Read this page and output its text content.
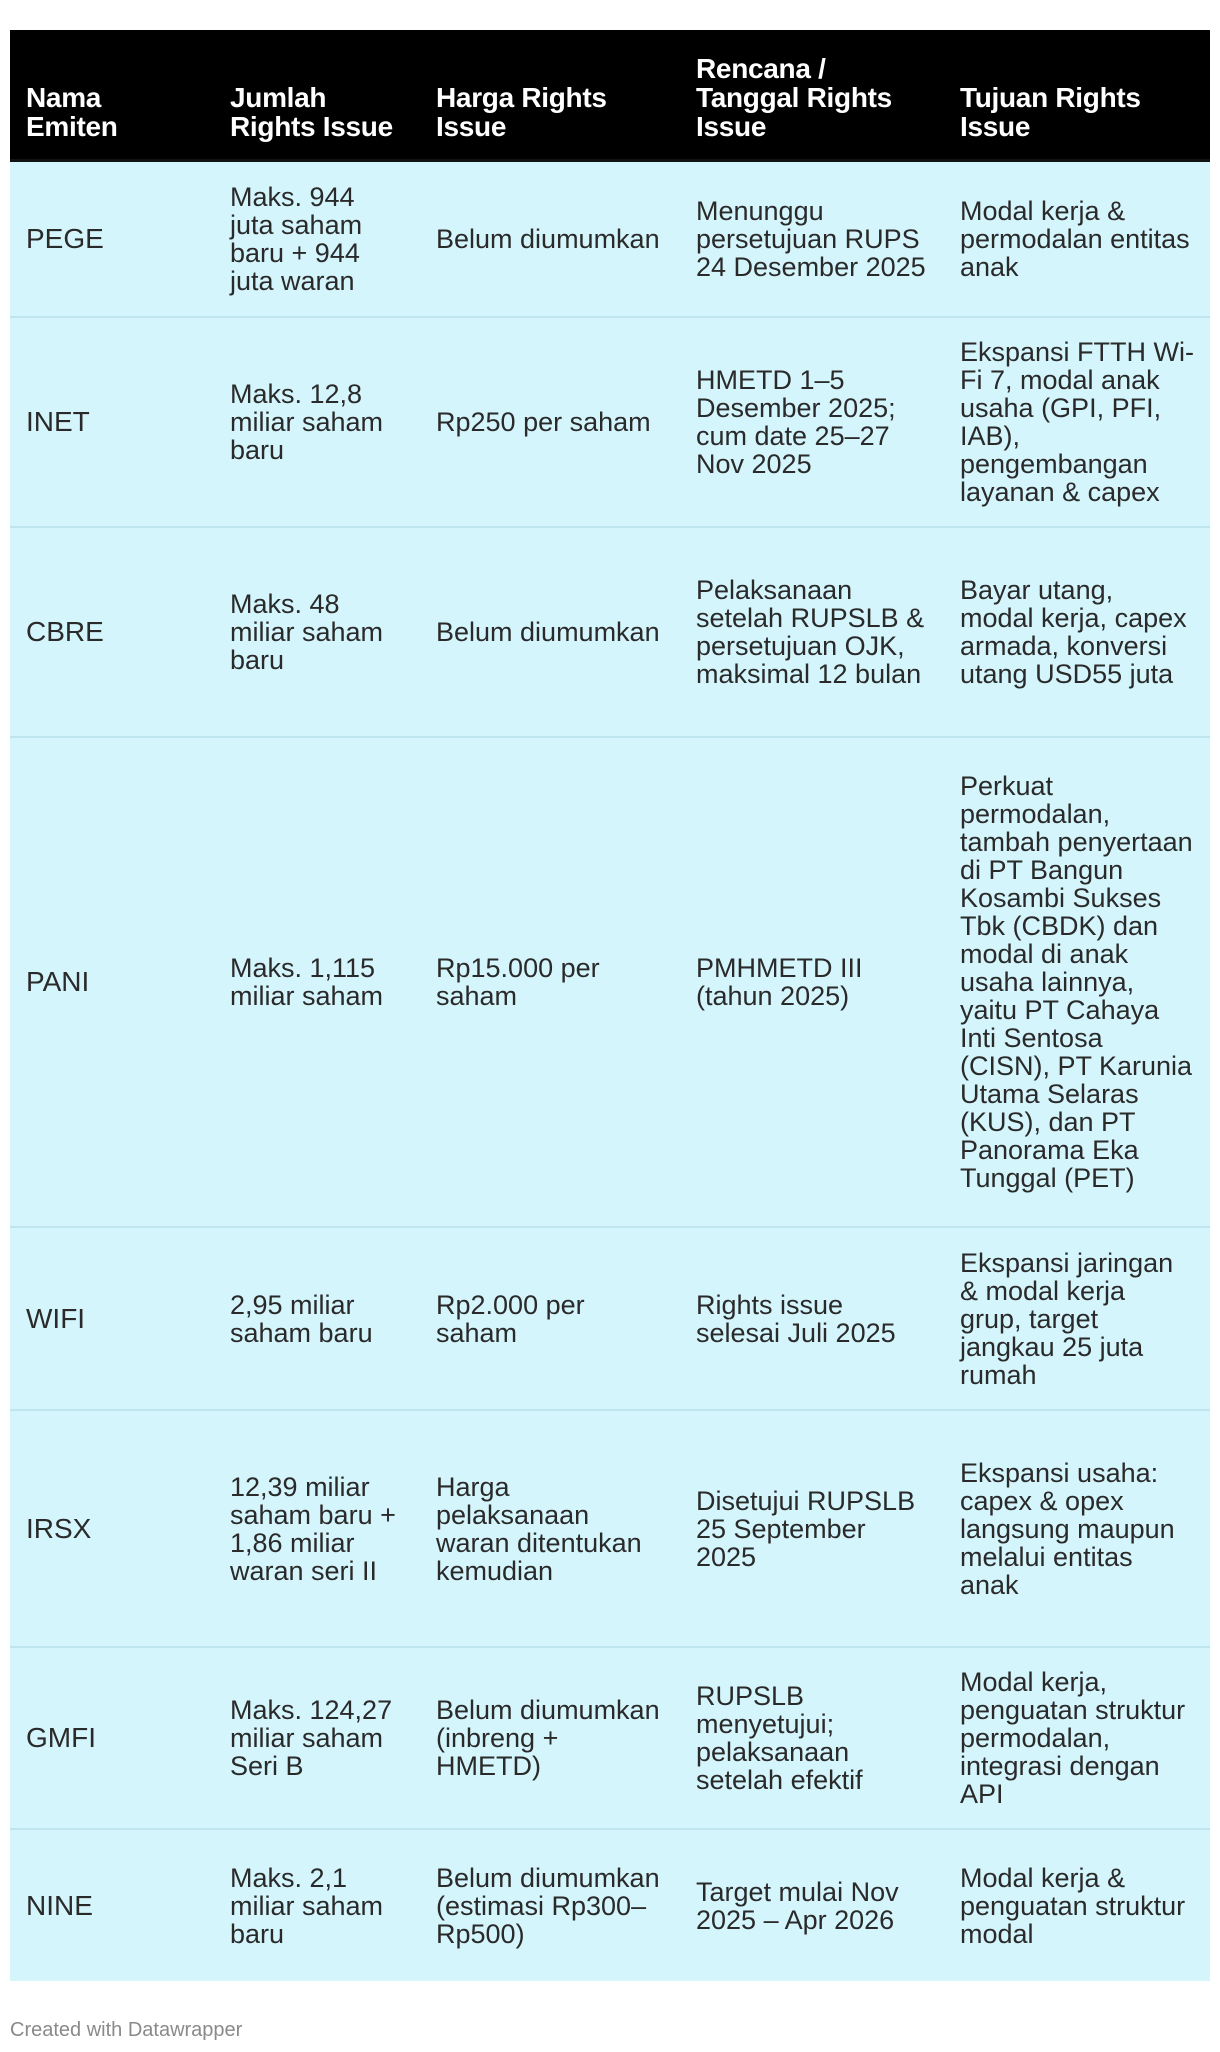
Nama Emiten	Jumlah Rights Issue	Harga Rights Issue	Rencana / Tanggal Rights Issue	Tujuan Rights Issue
PEGE	Maks. 944 juta saham baru + 944 juta waran	Belum diumumkan	Menunggu persetujuan RUPS 24 Desember 2025	Modal kerja & permodalan entitas anak
INET	Maks. 12,8 miliar saham baru	Rp250 per saham	HMETD 1–5 Desember 2025; cum date 25–27 Nov 2025	Ekspansi FTTH Wi-Fi 7, modal anak usaha (GPI, PFI, IAB), pengembangan layanan & capex
CBRE	Maks. 48 miliar saham baru	Belum diumumkan	Pelaksanaan setelah RUPSLB & persetujuan OJK, maksimal 12 bulan	Bayar utang, modal kerja, capex armada, konversi utang USD55 juta
PANI	Maks. 1,115 miliar saham	Rp15.000 per saham	PMHMETD III (tahun 2025)	Perkuat permodalan, tambah penyertaan di PT Bangun Kosambi Sukses Tbk (CBDK) dan modal di anak usaha lainnya, yaitu PT Cahaya Inti Sentosa (CISN), PT Karunia Utama Selaras (KUS), dan PT Panorama Eka Tunggal (PET)
WIFI	2,95 miliar saham baru	Rp2.000 per saham	Rights issue selesai Juli 2025	Ekspansi jaringan & modal kerja grup, target jangkau 25 juta rumah
IRSX	12,39 miliar saham baru + 1,86 miliar waran seri II	Harga pelaksanaan waran ditentukan kemudian	Disetujui RUPSLB 25 September 2025	Ekspansi usaha: capex & opex langsung maupun melalui entitas anak
GMFI	Maks. 124,27 miliar saham Seri B	Belum diumumkan (inbreng + HMETD)	RUPSLB menyetujui; pelaksanaan setelah efektif	Modal kerja, penguatan struktur permodalan, integrasi dengan API
NINE	Maks. 2,1 miliar saham baru	Belum diumumkan (estimasi Rp300–Rp500)	Target mulai Nov 2025 – Apr 2026	Modal kerja & penguatan struktur modal
Created with Datawrapper
